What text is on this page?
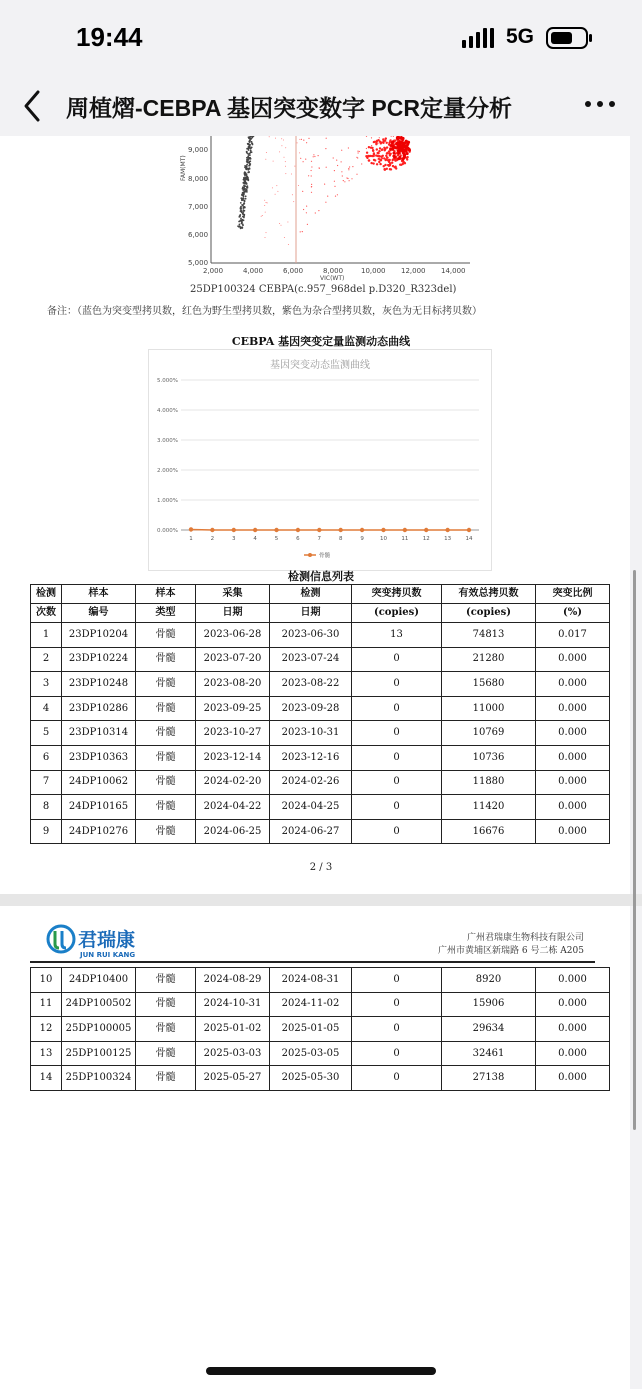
19:44	5G
周植熠-CEBPA 基因突变数字 PCR定量分析
9,000
8,000
7,000
6,000
5,000
2,000	4,000	6,000	8,000	10,000 12,000 14,000
VIC(WT)
FAM(MT)
25DP100324 CEBPA(c.957_968del p.D320_R323del)
备注：（蓝色为突变型拷贝数，红色为野生型拷贝数，紫色为杂合型拷贝数，灰色为无目标拷贝数）
CEBPA 基因突变定量监测动态曲线
基因突变动态监测曲线
0.000%
1.000%
2.000%
3.000%
4.000%
5.000%
1	2	3	4	5	6	7	8	9	10	11	12	13	14
骨髓
检测信息列表
检测	样本	样本	采集	检测	突变拷贝数	有效总拷贝数	突变比例
次数	编号	类型	日期	日期	(copies)	(copies)	(%)
1	23DP10204	骨髓	2023-06-28	2023-06-30	13	74813	0.017
2	23DP10224	骨髓	2023-07-20	2023-07-24	0	21280	0.000
3	23DP10248	骨髓	2023-08-20	2023-08-22	0	15680	0.000
4	23DP10286	骨髓	2023-09-25	2023-09-28	0	11000	0.000
5	23DP10314	骨髓	2023-10-27	2023-10-31	0	10769	0.000
6	23DP10363	骨髓	2023-12-14	2023-12-16	0	10736	0.000
7	24DP10062	骨髓	2024-02-20	2024-02-26	0	11880	0.000
8	24DP10165	骨髓	2024-04-22	2024-04-25	0	11420	0.000
9	24DP10276	骨髓	2024-06-25	2024-06-27	0	16676	0.000
2 / 3
君瑞康
JUN RUI KANG
广州君瑞康生物科技有限公司
广州市黄埔区新瑞路 6 号二栋 A205
10	24DP10400	骨髓	2024-08-29	2024-08-31	0	8920	0.000
11	24DP100502	骨髓	2024-10-31	2024-11-02	0	15906	0.000
12	25DP100005	骨髓	2025-01-02	2025-01-05	0	29634	0.000
13	25DP100125	骨髓	2025-03-03	2025-03-05	0	32461	0.000
14	25DP100324	骨髓	2025-05-27	2025-05-30	0	27138	0.000
